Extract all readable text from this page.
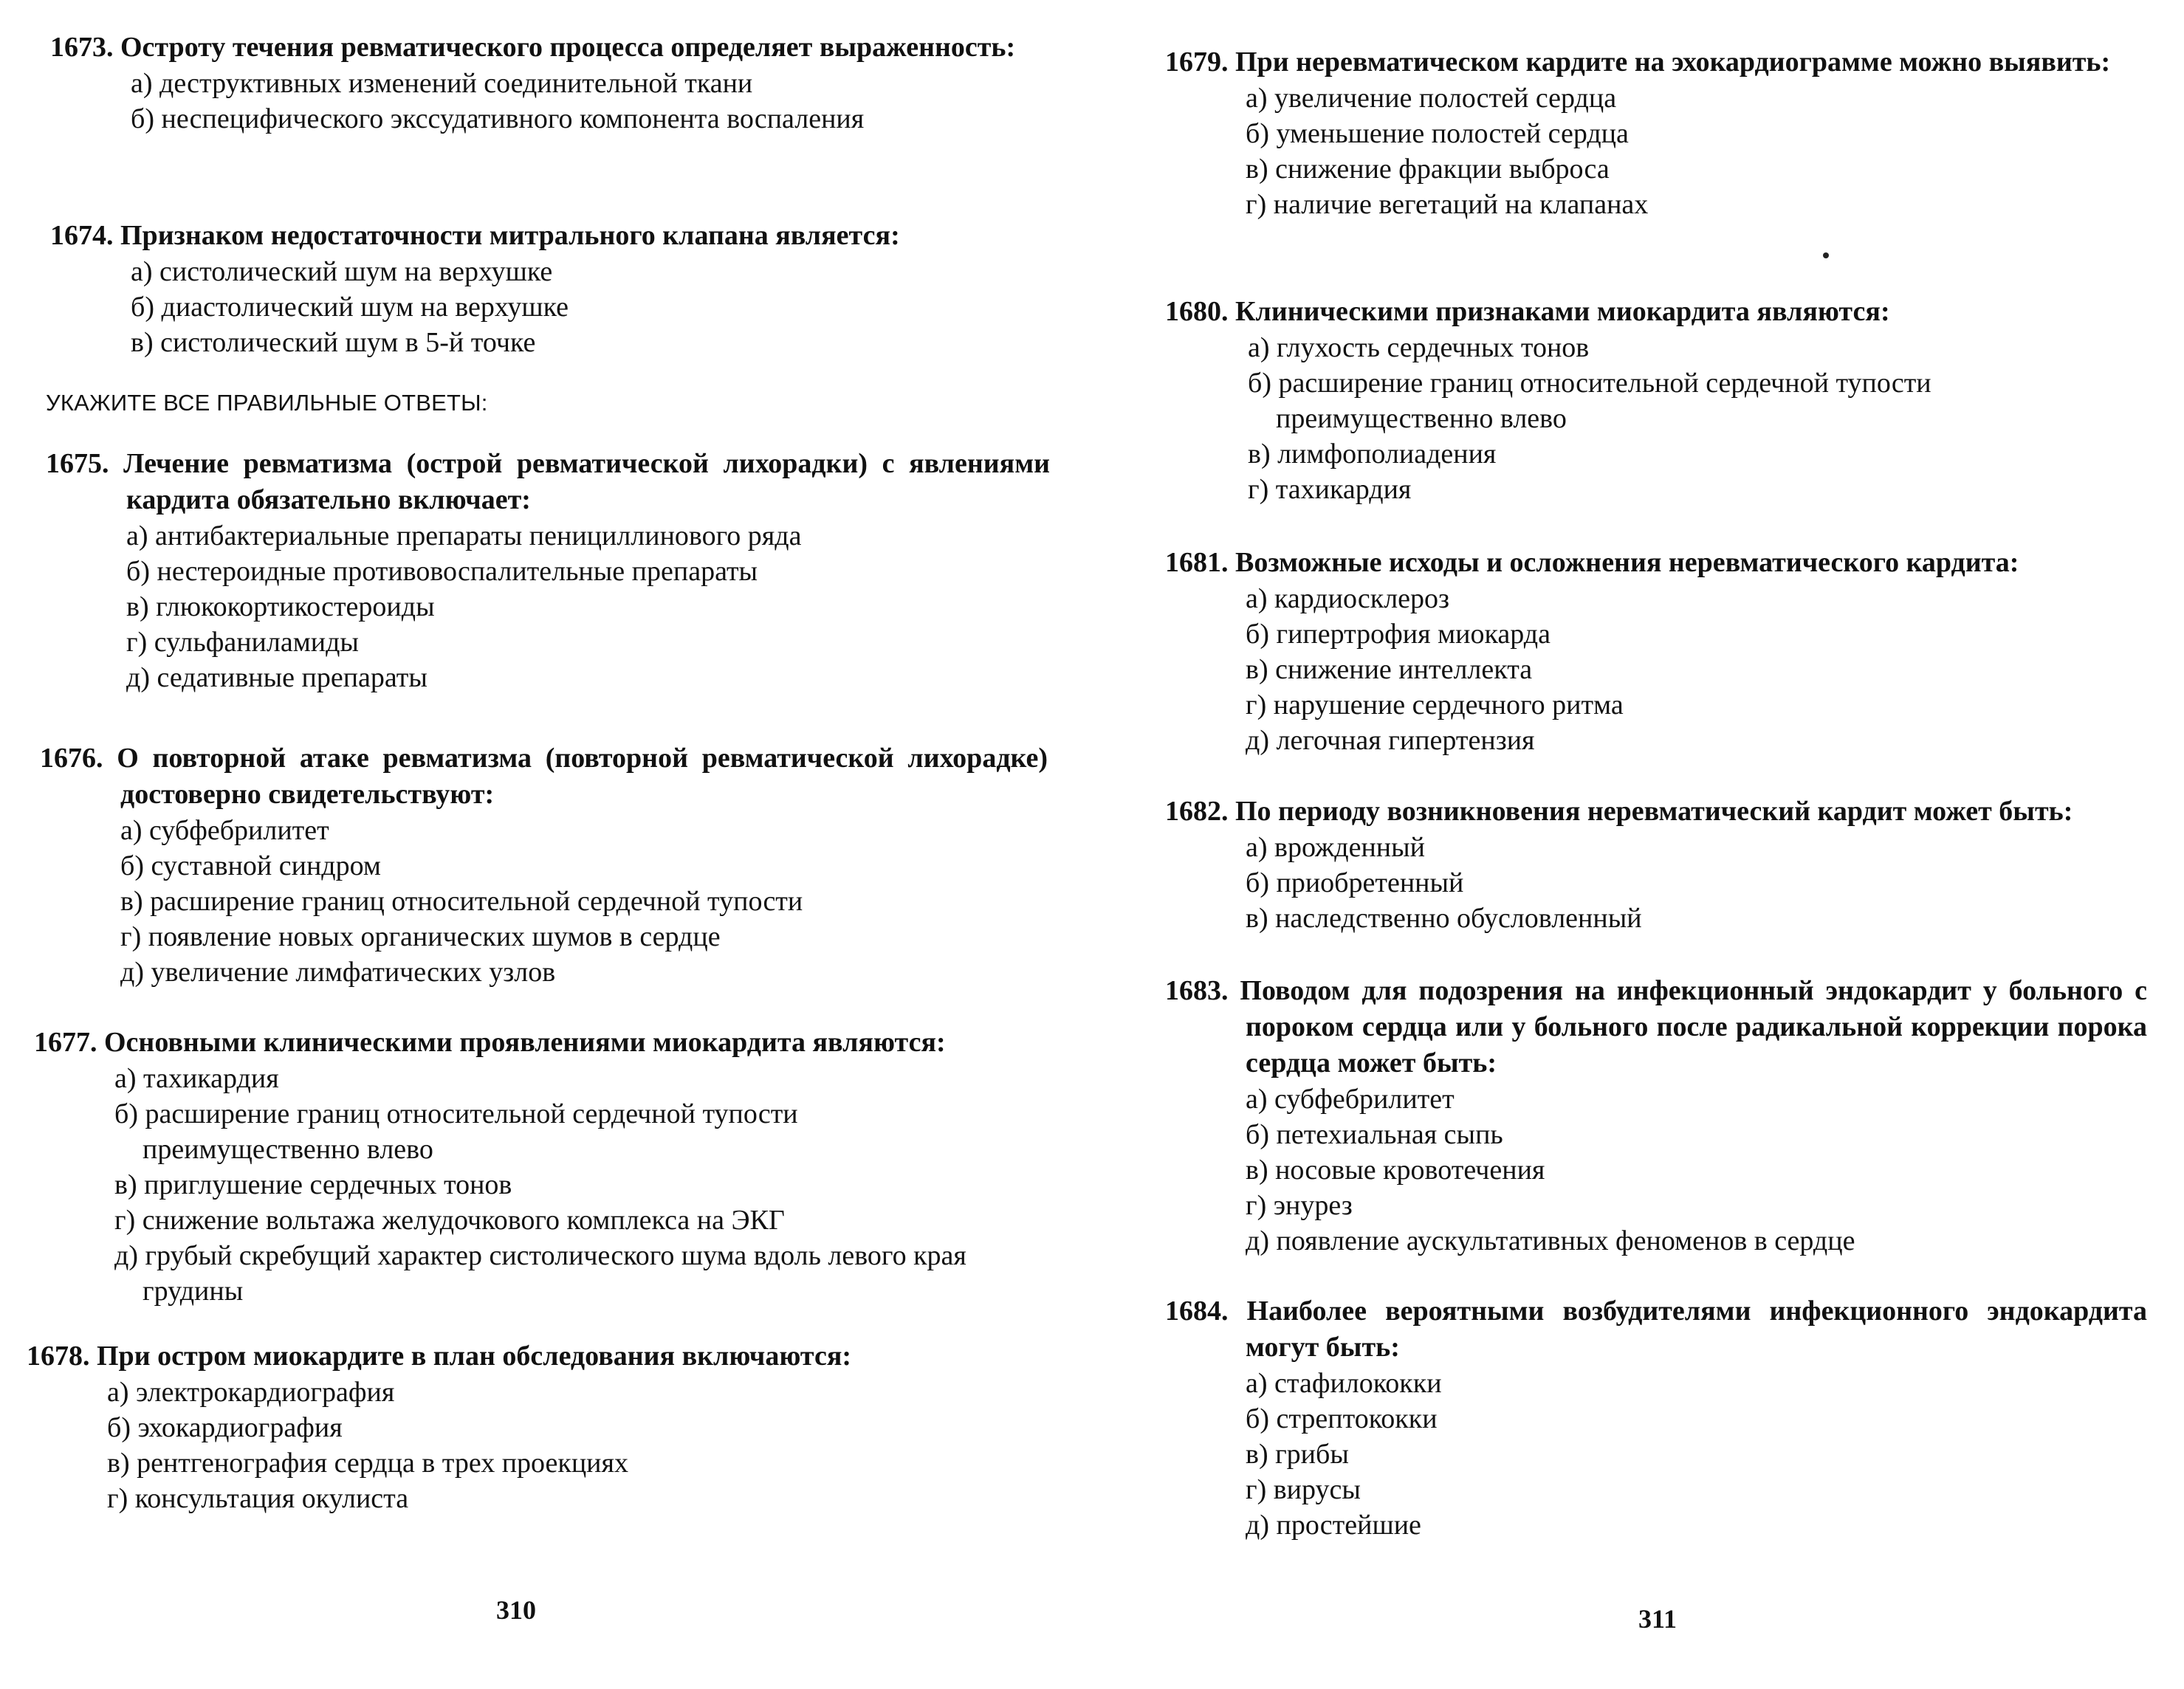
1673. Остроту течения ревматического процесса определяет выраженность:
а) деструктивных изменений соединительной ткани
б) неспецифического экссудативного компонента воспаления
1674. Признаком недостаточности митрального клапана является:
а) систолический шум на верхушке
б) диастолический шум на верхушке
в) систолический шум в 5-й точке
УКАЖИТЕ ВСЕ ПРАВИЛЬНЫЕ ОТВЕТЫ:
1675. Лечение ревматизма (острой ревматической лихорадки) с явлениями кардита обязательно включает:
а) антибактериальные препараты пенициллинового ряда
б) нестероидные противовоспалительные препараты
в) глюкокортикостероиды
г) сульфаниламиды
д) седативные препараты
1676. О повторной атаке ревматизма (повторной ревматической лихорадке) достоверно свидетельствуют:
а) субфебрилитет
б) суставной синдром
в) расширение границ относительной сердечной тупости
г) появление новых органических шумов в сердце
д) увеличение лимфатических узлов
1677. Основными клиническими проявлениями миокардита являются:
а) тахикардия
б) расширение границ относительной сердечной тупости преимущественно влево
в) приглушение сердечных тонов
г) снижение вольтажа желудочкового комплекса на ЭКГ
д) грубый скребущий характер систолического шума вдоль левого края грудины
1678. При остром миокардите в план обследования включаются:
а) электрокардиография
б) эхокардиография
в) рентгенография сердца в трех проекциях
г) консультация окулиста
310
1679. При неревматическом кардите на эхокардиограмме можно выявить:
а) увеличение полостей сердца
б) уменьшение полостей сердца
в) снижение фракции выброса
г) наличие вегетаций на клапанах
1680. Клиническими признаками миокардита являются:
а) глухость сердечных тонов
б) расширение границ относительной сердечной тупости преимущественно влево
в) лимфополиадения
г) тахикардия
1681. Возможные исходы и осложнения неревматического кардита:
а) кардиосклероз
б) гипертрофия миокарда
в) снижение интеллекта
г) нарушение сердечного ритма
д) легочная гипертензия
1682. По периоду возникновения неревматический кардит может быть:
а) врожденный
б) приобретенный
в) наследственно обусловленный
1683. Поводом для подозрения на инфекционный эндокардит у больного с пороком сердца или у больного после радикальной коррекции порока сердца может быть:
а) субфебрилитет
б) петехиальная сыпь
в) носовые кровотечения
г) энурез
д) появление аускультативных феноменов в сердце
1684. Наиболее вероятными возбудителями инфекционного эндокардита могут быть:
а) стафилококки
б) стрептококки
в) грибы
г) вирусы
д) простейшие
311
